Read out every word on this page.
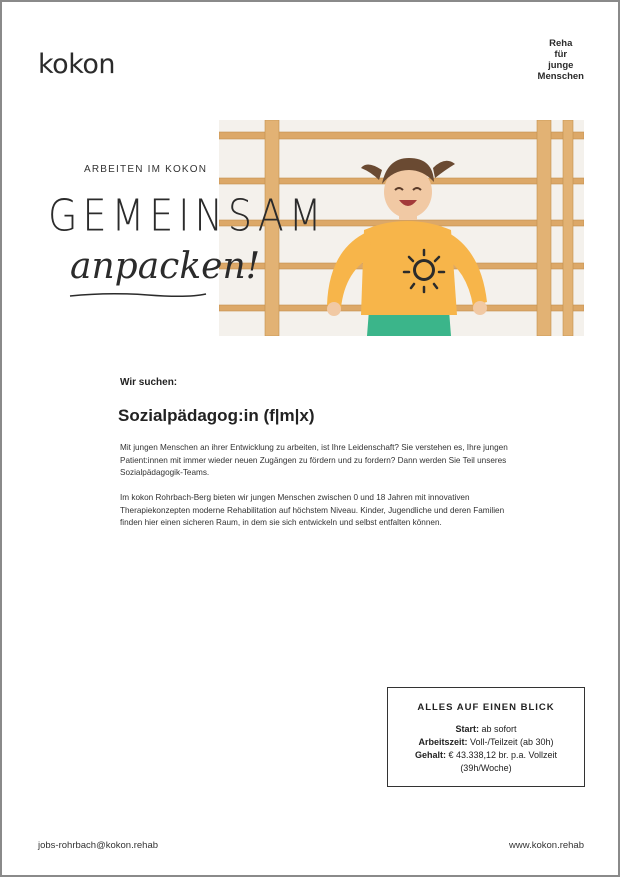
kokon
Reha
für
junge
Menschen
ARBEITEN IM KOKON
GEMEINSAM
anpacken!
Wir suchen:
Sozialpädagog:in (f|m|x)

Mit jungen Menschen an ihrer Entwicklung zu arbeiten, ist Ihre Leidenschaft? Sie verstehen es, Ihre jungen Patient:innen mit immer wieder neuen Zugängen zu fördern und zu fordern? Dann werden Sie Teil unseres Sozialpädagogik-Teams.

Im kokon Rohrbach-Berg bieten wir jungen Menschen zwischen 0 und 18 Jahren mit innovativen Therapiekonzepten moderne Rehabilitation auf höchstem Niveau. Kinder, Jugendliche und deren Familien finden hier einen sicheren Raum, in dem sie sich entwickeln und selbst entfalten können.

ALLES AUF EINEN BLICK
Start: ab sofort
Arbeitszeit: Voll-/Teilzeit (ab 30h)
Gehalt: € 43.338,12 br. p.a. Vollzeit
(39h/Woche)
jobs-rohrbach@kokon.rehab	www.kokon.rehab
